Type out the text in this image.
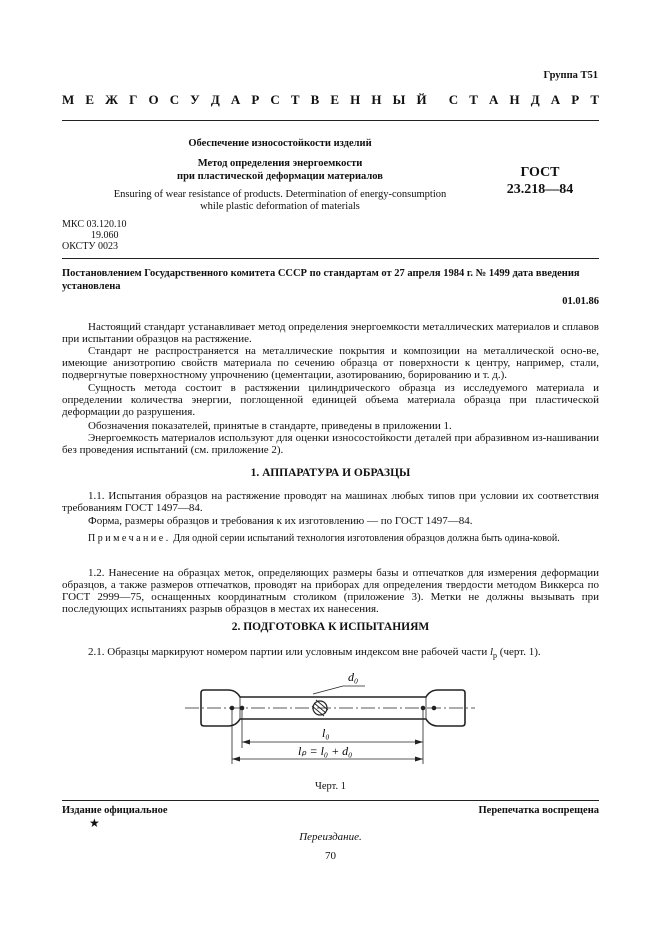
Группа Т51
М Е Ж Г О С У Д А Р С Т В Е Н Н Ы Й С Т А Н Д А Р Т
Обеспечение износостойкости изделий
Метод определения энергоемкости
при пластической деформации материалов
Ensuring of wear resistance of products. Determination of energy-consumption
while plastic deformation of materials
ГОСТ
23.218—84
МКС 03.120.10
19.060
ОКСТУ 0023
Постановлением Государственного комитета СССР по стандартам от 27 апреля 1984 г. № 1499 дата введения установлена
01.01.86
Настоящий стандарт устанавливает метод определения энергоемкости металлических материалов и сплавов при испытании образцов на растяжение.
Стандарт не распространяется на металлические покрытия и композиции на металлической осно-ве, имеющие анизотропию свойств материала по сечению образца от поверхности к центру, например, стали, подвергнутые поверхностному упрочнению (цементации, азотированию, борированию и т. д.).
Сущность метода состоит в растяжении цилиндрического образца из исследуемого материала и определении количества энергии, поглощенной единицей объема материала образца при пластической деформации до разрушения.
Обозначения показателей, принятые в стандарте, приведены в приложении 1.
Энергоемкость материалов используют для оценки износостойкости деталей при абразивном из-нашивании без проведения испытаний (см. приложение 2).
1. АППАРАТУРА И ОБРАЗЦЫ
1.1. Испытания образцов на растяжение проводят на машинах любых типов при условии их соответствия требованиям ГОСТ 1497—84.
Форма, размеры образцов и требования к их изготовлению — по ГОСТ 1497—84.
Примечание. Для одной серии испытаний технология изготовления образцов должна быть одина-ковой.
1.2. Нанесение на образцах меток, определяющих размеры базы и отпечатков для измерения деформации образцов, а также размеров отпечатков, проводят на приборах для определения твердости методом Виккерса по ГОСТ 2999—75, оснащенных координатным столиком (приложение 3). Метки не должны вызывать при последующих испытаниях разрыв образцов в местах их нанесения.
2. ПОДГОТОВКА К ИСПЫТАНИЯМ
2.1. Образцы маркируют номером партии или условным индексом вне рабочей части $l_p$ (черт. 1).
d₀
l₀
lₚ = l₀ + d₀
Черт. 1
Издание официальное
★
Перепечатка воспрещена
Переиздание.
70
